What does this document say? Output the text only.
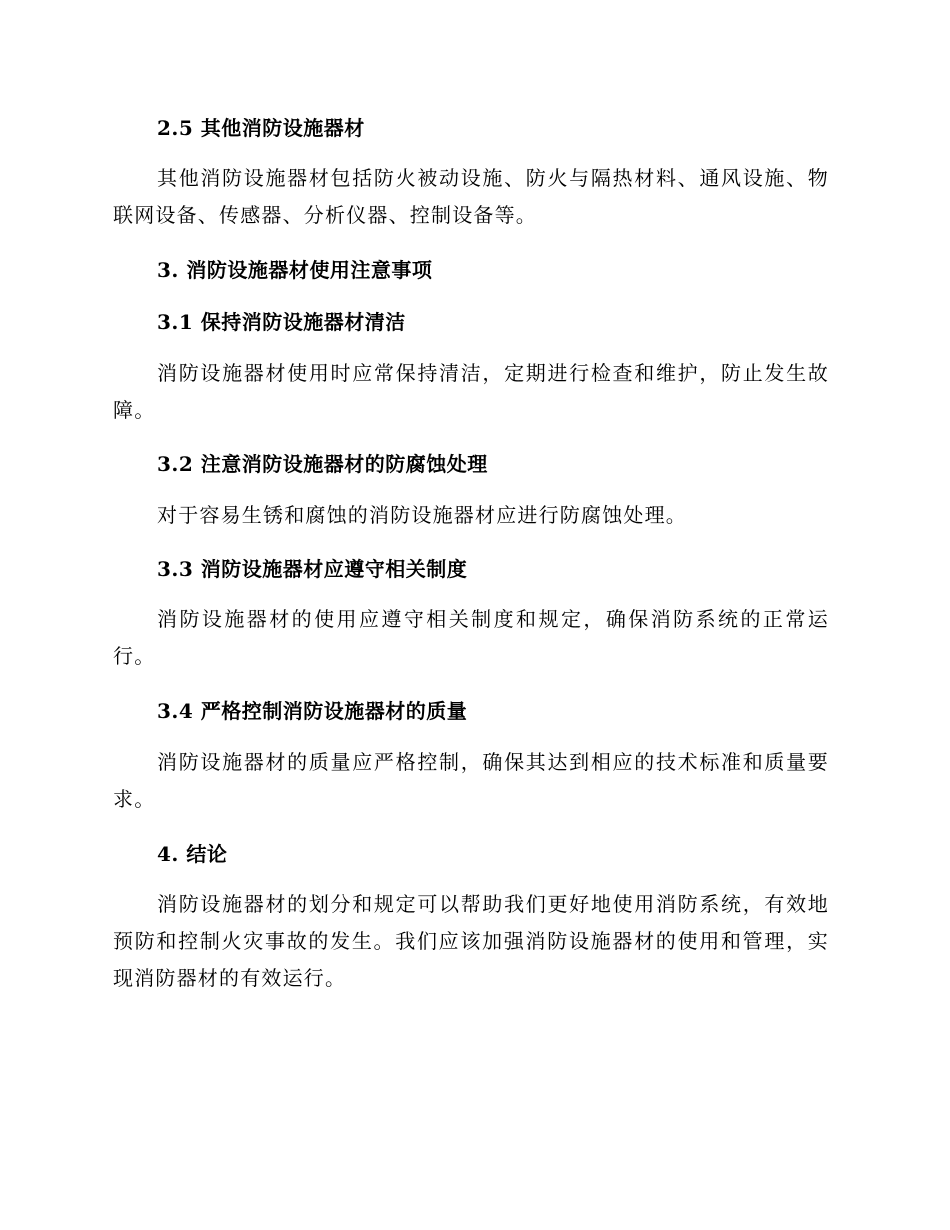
2.5 其他消防设施器材
其他消防设施器材包括防火被动设施、防火与隔热材料、通风设施、物联网设备、传感器、分析仪器、控制设备等。
3. 消防设施器材使用注意事项
3.1 保持消防设施器材清洁
消防设施器材使用时应常保持清洁，定期进行检查和维护，防止发生故障。
3.2 注意消防设施器材的防腐蚀处理
对于容易生锈和腐蚀的消防设施器材应进行防腐蚀处理。
3.3 消防设施器材应遵守相关制度
消防设施器材的使用应遵守相关制度和规定，确保消防系统的正常运行。
3.4 严格控制消防设施器材的质量
消防设施器材的质量应严格控制，确保其达到相应的技术标准和质量要求。
4. 结论
消防设施器材的划分和规定可以帮助我们更好地使用消防系统，有效地预防和控制火灾事故的发生。我们应该加强消防设施器材的使用和管理，实现消防器材的有效运行。
